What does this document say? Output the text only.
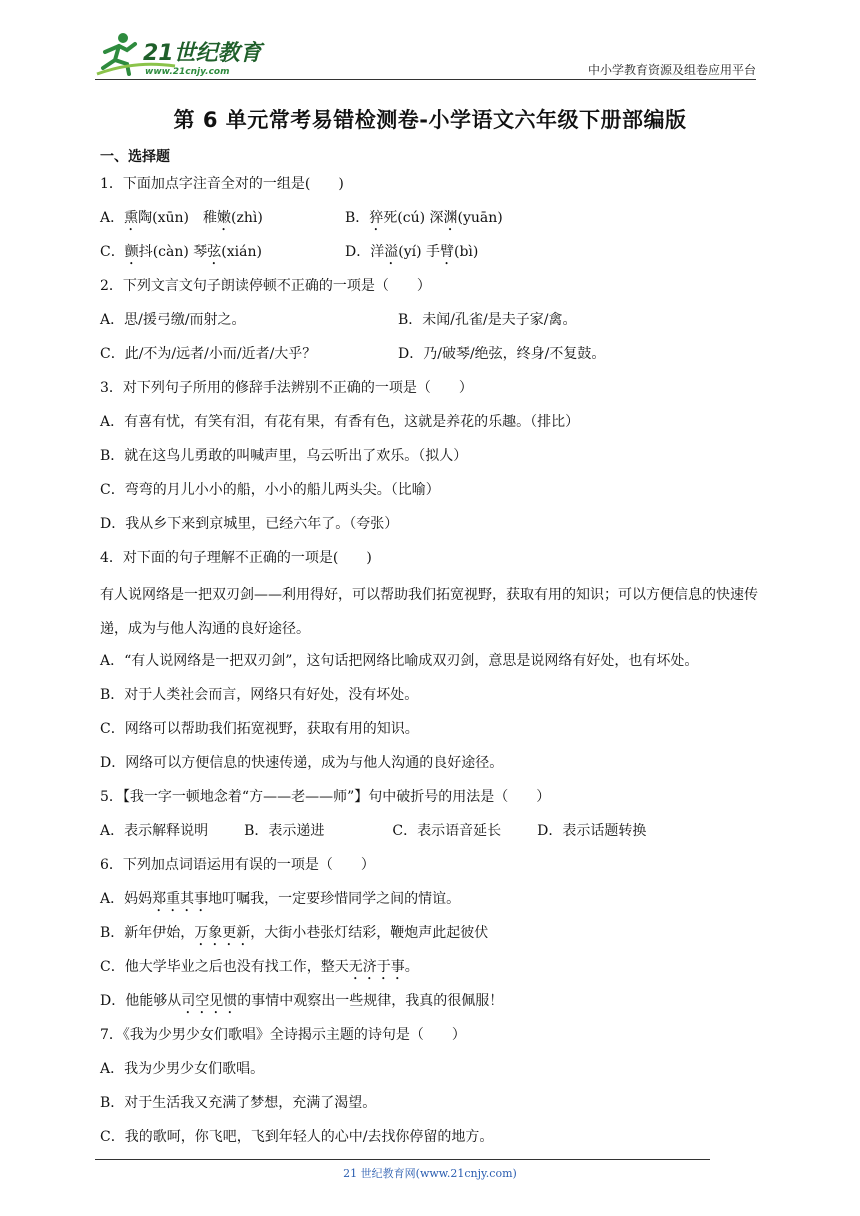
21世纪教育
www.21cnjy.com	中小学教育资源及组卷应用平台
第 6 单元常考易错检测卷-小学语文六年级下册部编版
一、选择题
1．下面加点字注音全对的一组是(　　)
A．熏陶(xūn)　稚嫩(zhì)	B．猝死(cú) 深渊(yuān)
C．颤抖(càn) 琴弦(xián)	D．洋溢(yí) 手臂(bì)
2．下列文言文句子朗读停顿不正确的一项是（　　）
A．思/援弓缴/而射之。	B．未闻/孔雀/是夫子家/禽。
C．此/不为/远者/小而/近者/大乎？	D．乃/破琴/绝弦，终身/不复鼓。
3．对下列句子所用的修辞手法辨别不正确的一项是（　　）
A．有喜有忧，有笑有泪，有花有果，有香有色，这就是养花的乐趣。（排比）
B．就在这鸟儿勇敢的叫喊声里，乌云听出了欢乐。（拟人）
C．弯弯的月儿小小的船，小小的船儿两头尖。（比喻）
D．我从乡下来到京城里，已经六年了。（夸张）
4．对下面的句子理解不正确的一项是(　　)
有人说网络是一把双刃剑——利用得好，可以帮助我们拓宽视野，获取有用的知识；可以方便信息的快速传递，成为与他人沟通的良好途径。
A．“有人说网络是一把双刃剑”，这句话把网络比喻成双刃剑，意思是说网络有好处，也有坏处。
B．对于人类社会而言，网络只有好处，没有坏处。
C．网络可以帮助我们拓宽视野，获取有用的知识。
D．网络可以方便信息的快速传递，成为与他人沟通的良好途径。
5．【我一字一顿地念着“方——老——师”】句中破折号的用法是（　　）
A．表示解释说明	B．表示递进	C．表示语音延长	D．表示话题转换
6．下列加点词语运用有误的一项是（　　）
A．妈妈郑重其事地叮嘱我，一定要珍惜同学之间的情谊。
B．新年伊始，万象更新，大街小巷张灯结彩，鞭炮声此起彼伏
C．他大学毕业之后也没有找工作，整天无济于事。
D．他能够从司空见惯的事情中观察出一些规律，我真的很佩服！
7．《我为少男少女们歌唱》全诗揭示主题的诗句是（　　）
A．我为少男少女们歌唱。
B．对于生活我又充满了梦想，充满了渴望。
C．我的歌呵，你飞吧，飞到年轻人的心中/去找你停留的地方。
21 世纪教育网(www.21cnjy.com)
